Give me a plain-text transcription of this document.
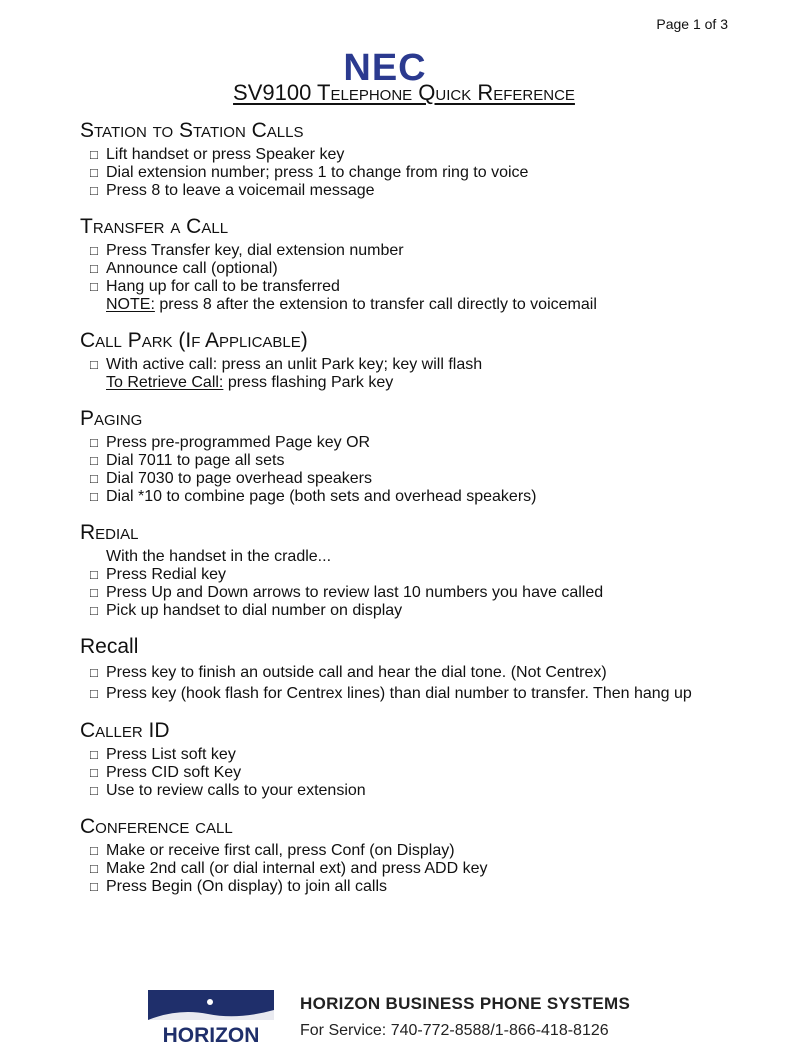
Page 1 of 3
NEC
SV9100 Telephone Quick Reference
Station to Station Calls
□ Lift handset or press Speaker key
□ Dial extension number; press 1 to change from ring to voice
□ Press 8 to leave a voicemail message
Transfer a Call
□ Press Transfer key, dial extension number
□ Announce call (optional)
□ Hang up for call to be transferred
NOTE: press 8 after the extension to transfer call directly to voicemail
Call Park (If Applicable)
□ With active call: press an unlit Park key; key will flash
To Retrieve Call: press flashing Park key
Paging
□ Press pre-programmed Page key OR
□ Dial 7011 to page all sets
□ Dial 7030 to page overhead speakers
□ Dial *10 to combine page (both sets and overhead speakers)
Redial
With the handset in the cradle...
□ Press Redial key
□ Press Up and Down arrows to review last 10 numbers you have called
□ Pick up handset to dial number on display
Recall
□ Press key to finish an outside call and hear the dial tone. (Not Centrex)
□ Press key (hook flash for Centrex lines) than dial number to transfer. Then hang up
Caller ID
□ Press List soft key
□ Press CID soft Key
□ Use to review calls to your extension
Conference call
□ Make or receive first call, press Conf (on Display)
□ Make 2nd call (or dial internal ext) and press ADD key
□ Press Begin (On display) to join all calls
HORIZON
HORIZON BUSINESS PHONE SYSTEMS
For Service: 740-772-8588/1-866-418-8126
